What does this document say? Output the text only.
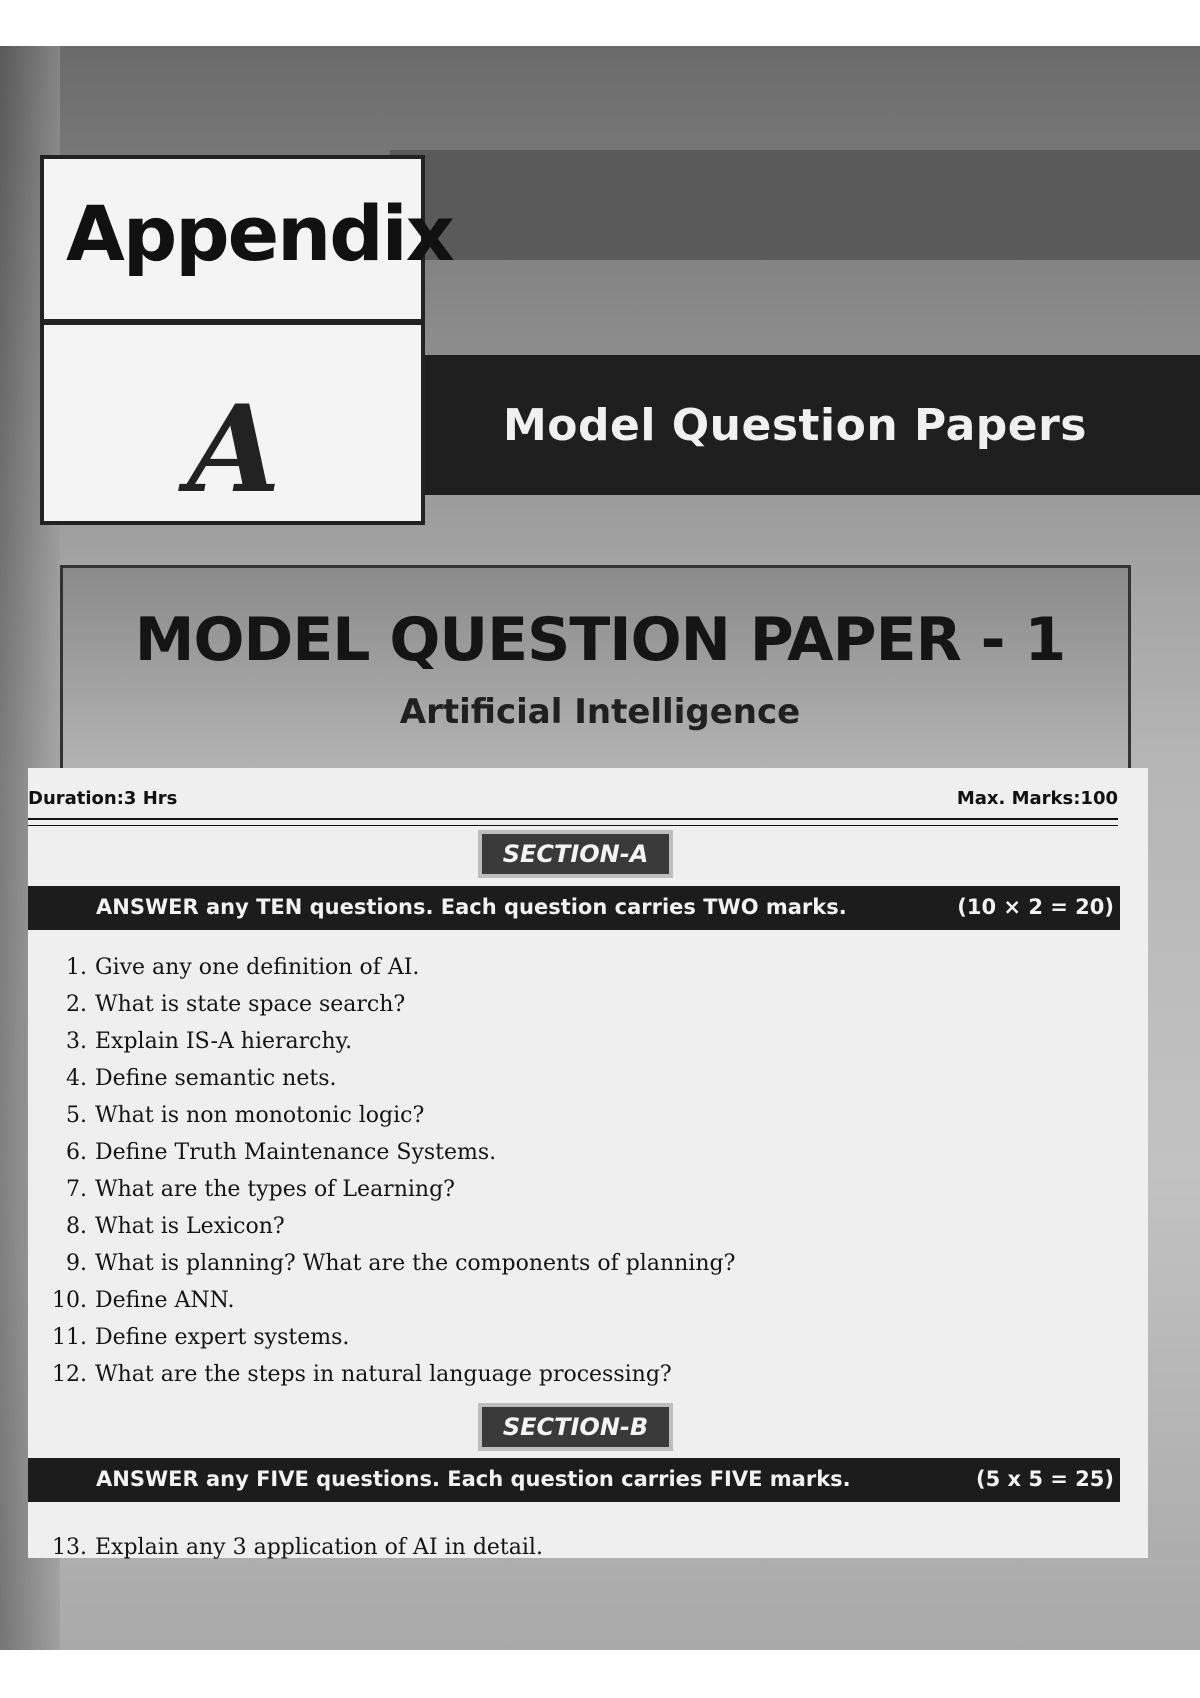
Model Question Papers
Appendix
A
MODEL QUESTION PAPER - 1
Artificial Intelligence
Duration:3 Hrs	Max. Marks:100
SECTION-A
ANSWER any TEN questions. Each question carries TWO marks.	(10 × 2 = 20)
1. Give any one definition of AI.
2. What is state space search?
3. Explain IS-A hierarchy.
4. Define semantic nets.
5. What is non monotonic logic?
6. Define Truth Maintenance Systems.
7. What are the types of Learning?
8. What is Lexicon?
9. What is planning? What are the components of planning?
10. Define ANN.
11. Define expert systems.
12. What are the steps in natural language processing?
SECTION-B
ANSWER any FIVE questions. Each question carries FIVE marks.	(5 x 5 = 25)
13. Explain any 3 application of AI in detail.
